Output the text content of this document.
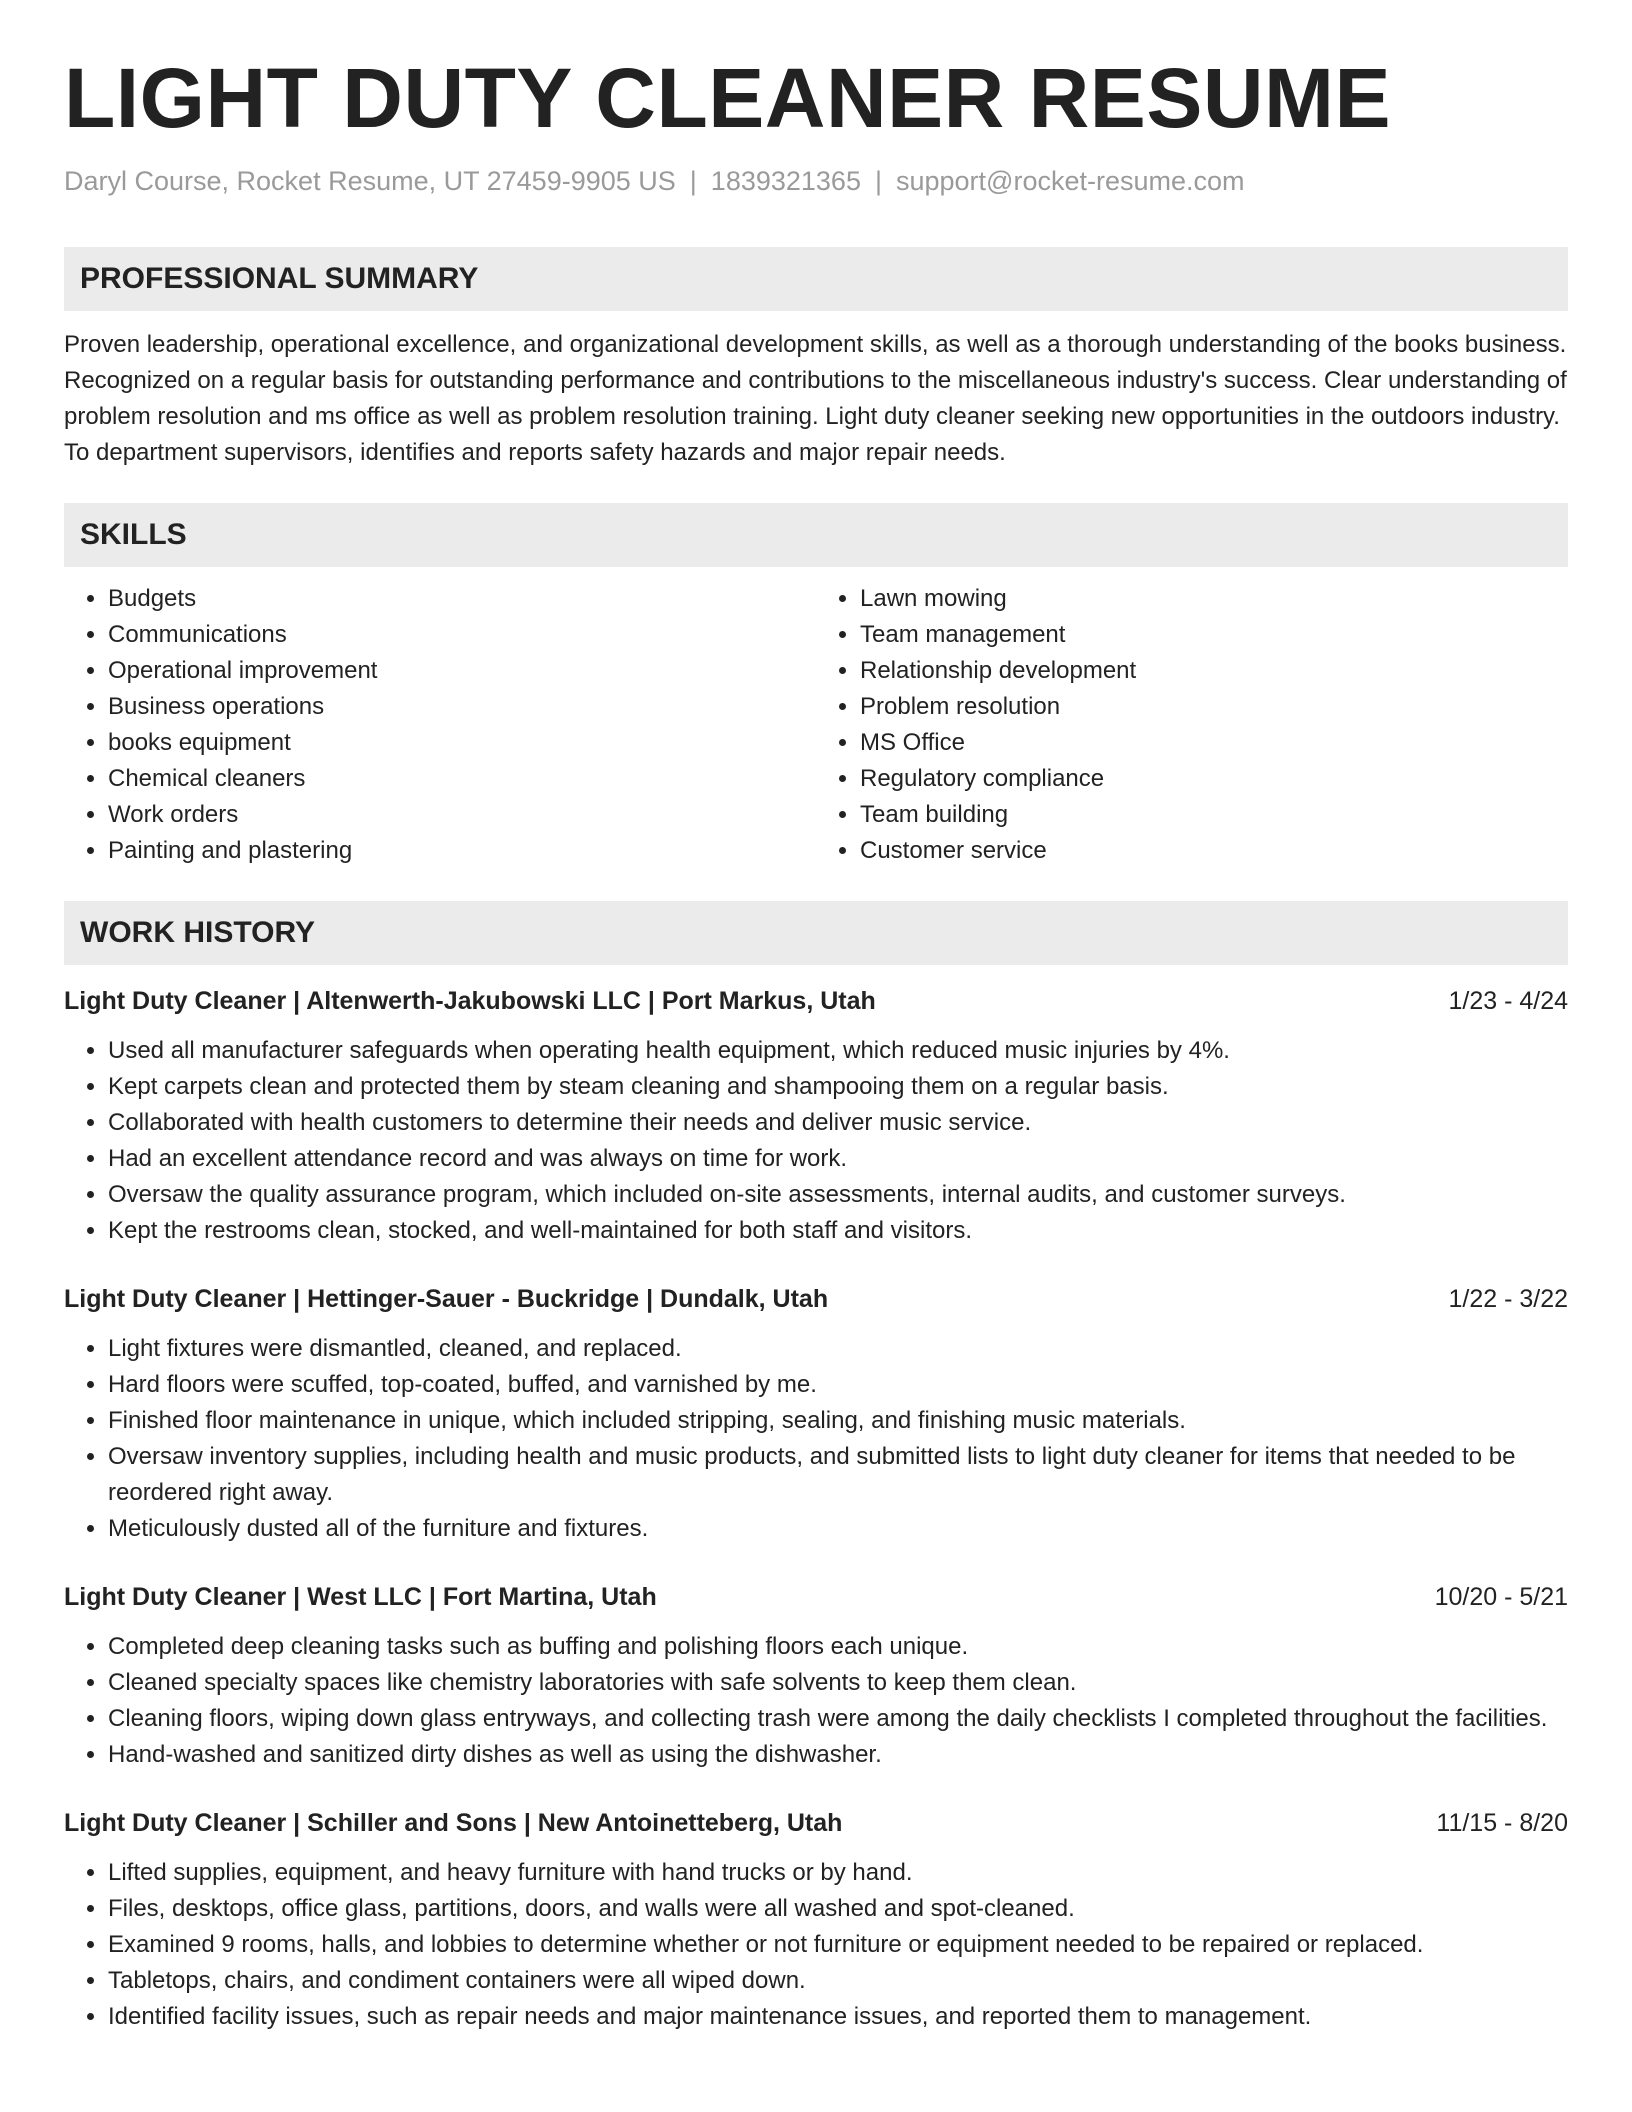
LIGHT DUTY CLEANER RESUME
Daryl Course, Rocket Resume, UT 27459-9905 US | 1839321365 | support@rocket-resume.com
PROFESSIONAL SUMMARY
Proven leadership, operational excellence, and organizational development skills, as well as a thorough understanding of the books business. Recognized on a regular basis for outstanding performance and contributions to the miscellaneous industry's success. Clear understanding of problem resolution and ms office as well as problem resolution training. Light duty cleaner seeking new opportunities in the outdoors industry. To department supervisors, identifies and reports safety hazards and major repair needs.
SKILLS
• Budgets
• Communications
• Operational improvement
• Business operations
• books equipment
• Chemical cleaners
• Work orders
• Painting and plastering
• Lawn mowing
• Team management
• Relationship development
• Problem resolution
• MS Office
• Regulatory compliance
• Team building
• Customer service
WORK HISTORY
Light Duty Cleaner | Altenwerth-Jakubowski LLC | Port Markus, Utah	1/23 - 4/24
• Used all manufacturer safeguards when operating health equipment, which reduced music injuries by 4%.
• Kept carpets clean and protected them by steam cleaning and shampooing them on a regular basis.
• Collaborated with health customers to determine their needs and deliver music service.
• Had an excellent attendance record and was always on time for work.
• Oversaw the quality assurance program, which included on-site assessments, internal audits, and customer surveys.
• Kept the restrooms clean, stocked, and well-maintained for both staff and visitors.
Light Duty Cleaner | Hettinger-Sauer - Buckridge | Dundalk, Utah	1/22 - 3/22
• Light fixtures were dismantled, cleaned, and replaced.
• Hard floors were scuffed, top-coated, buffed, and varnished by me.
• Finished floor maintenance in unique, which included stripping, sealing, and finishing music materials.
• Oversaw inventory supplies, including health and music products, and submitted lists to light duty cleaner for items that needed to be reordered right away.
• Meticulously dusted all of the furniture and fixtures.
Light Duty Cleaner | West LLC | Fort Martina, Utah	10/20 - 5/21
• Completed deep cleaning tasks such as buffing and polishing floors each unique.
• Cleaned specialty spaces like chemistry laboratories with safe solvents to keep them clean.
• Cleaning floors, wiping down glass entryways, and collecting trash were among the daily checklists I completed throughout the facilities.
• Hand-washed and sanitized dirty dishes as well as using the dishwasher.
Light Duty Cleaner | Schiller and Sons | New Antoinetteberg, Utah	11/15 - 8/20
• Lifted supplies, equipment, and heavy furniture with hand trucks or by hand.
• Files, desktops, office glass, partitions, doors, and walls were all washed and spot-cleaned.
• Examined 9 rooms, halls, and lobbies to determine whether or not furniture or equipment needed to be repaired or replaced.
• Tabletops, chairs, and condiment containers were all wiped down.
• Identified facility issues, such as repair needs and major maintenance issues, and reported them to management.
